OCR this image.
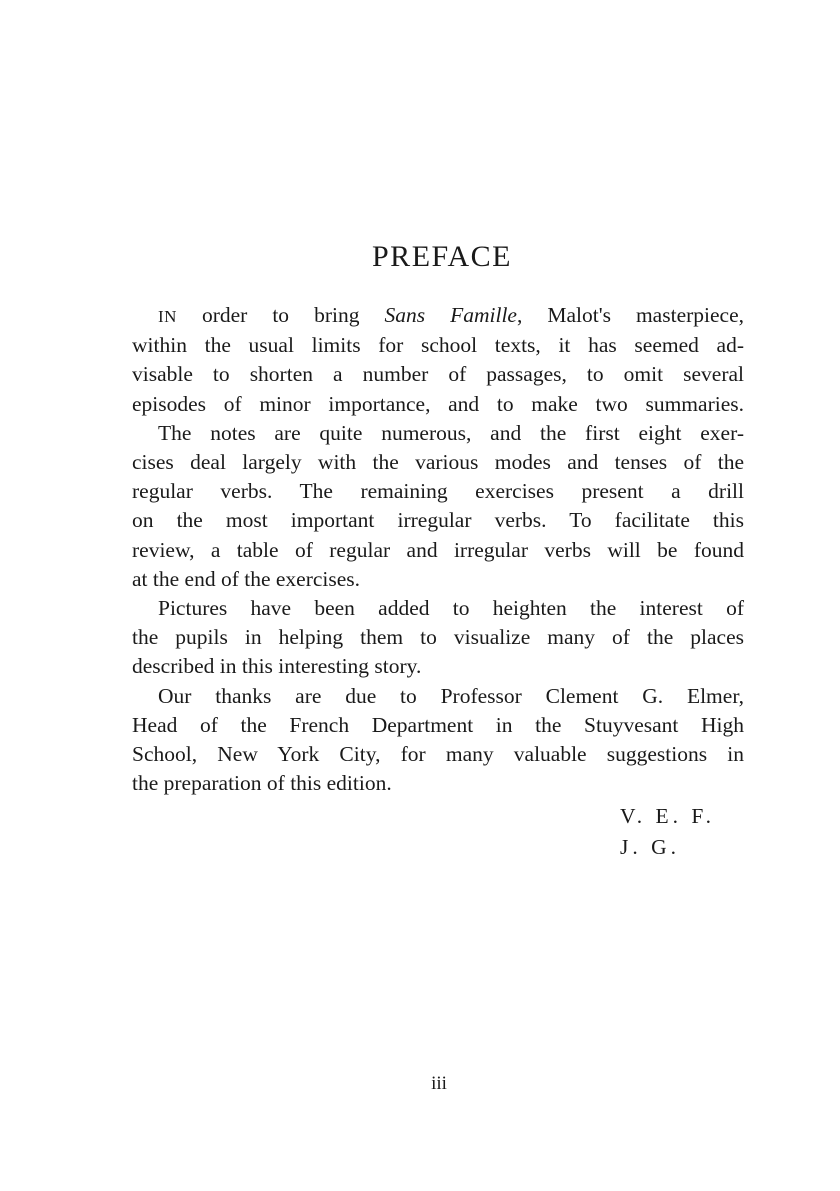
PREFACE
IN order to bring Sans Famille, Malot's masterpiece,
within the usual limits for school texts, it has seemed ad-
visable to shorten a number of passages, to omit several
episodes of minor importance, and to make two summaries.
The notes are quite numerous, and the first eight exer-
cises deal largely with the various modes and tenses of the
regular verbs. The remaining exercises present a drill
on the most important irregular verbs. To facilitate this
review, a table of regular and irregular verbs will be found
at the end of the exercises.
Pictures have been added to heighten the interest of
the pupils in helping them to visualize many of the places
described in this interesting story.
Our thanks are due to Professor Clement G. Elmer,
Head of the French Department in the Stuyvesant High
School, New York City, for many valuable suggestions in
the preparation of this edition.
V. E. F.
J. G.
iii
